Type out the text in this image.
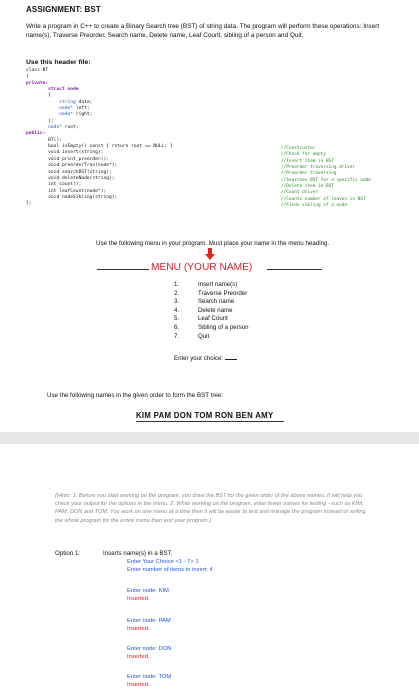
ASSIGNMENT: BST
Write a program in C++ to create a Binary Search tree (BST) of string data. The program will perform these operations: Insert name(s), Traverse Preorder, Search name, Delete name, Leaf Count, sibling of a person and Quit.
Use this header file:
class BT
{
private:
struct node
{
string data;
node* left;
node* right;
};
node* root;
public:
BT();
bool isEmpty() const { return root == NULL; }
void insert(string);
void print_preorder();
void preorderTrav(node*);
void searchBST(string);
void deleteNode(string);
int count();
int leafCount(node*);
void nodeSibling(string);
};
//Constructor
//Check for empty
//Insert item in BST
//Preorder traversing driver
//Preorder traversing
//Searches BST for a specific node
//Delete item in BST
//Count driver
//Counts number of leaves in BST
//Finds sibling of a node
Use the following menu in your program. Must place your name in the menu heading.
MENU (YOUR NAME)
1.	Insert name(s)
2.	Traverse Preorder
3.	Search name
4.	Delete name
5.	Leaf Count
6.	Sibling of a person
7.	Quit
Enter your choice:
Use the following names in the given order to form the BST tree:
KIM PAM DON TOM RON BEN AMY
(Hints: 1. Before you start working on the program, you draw the BST for the given order of the above names. It will help you check your output for the options in the menu. 2. While working on the program, enter fewer names for testing - such as KIM, PAM, DON and TOM. You work on one menu at a time then it will be easier to test and manage the program instead of writing the whole program for the entire menu then test your program.)
Option 1:	Inserts name(s) in a BST.
Enter Your Choice <1 - 7> 1
Enter number of items to insert: 4
Enter node: KIM
Inserted.
Enter node: PAM
Inserted.
Enter node: DON
Inserted.
Enter node: TOM
Inserted.
